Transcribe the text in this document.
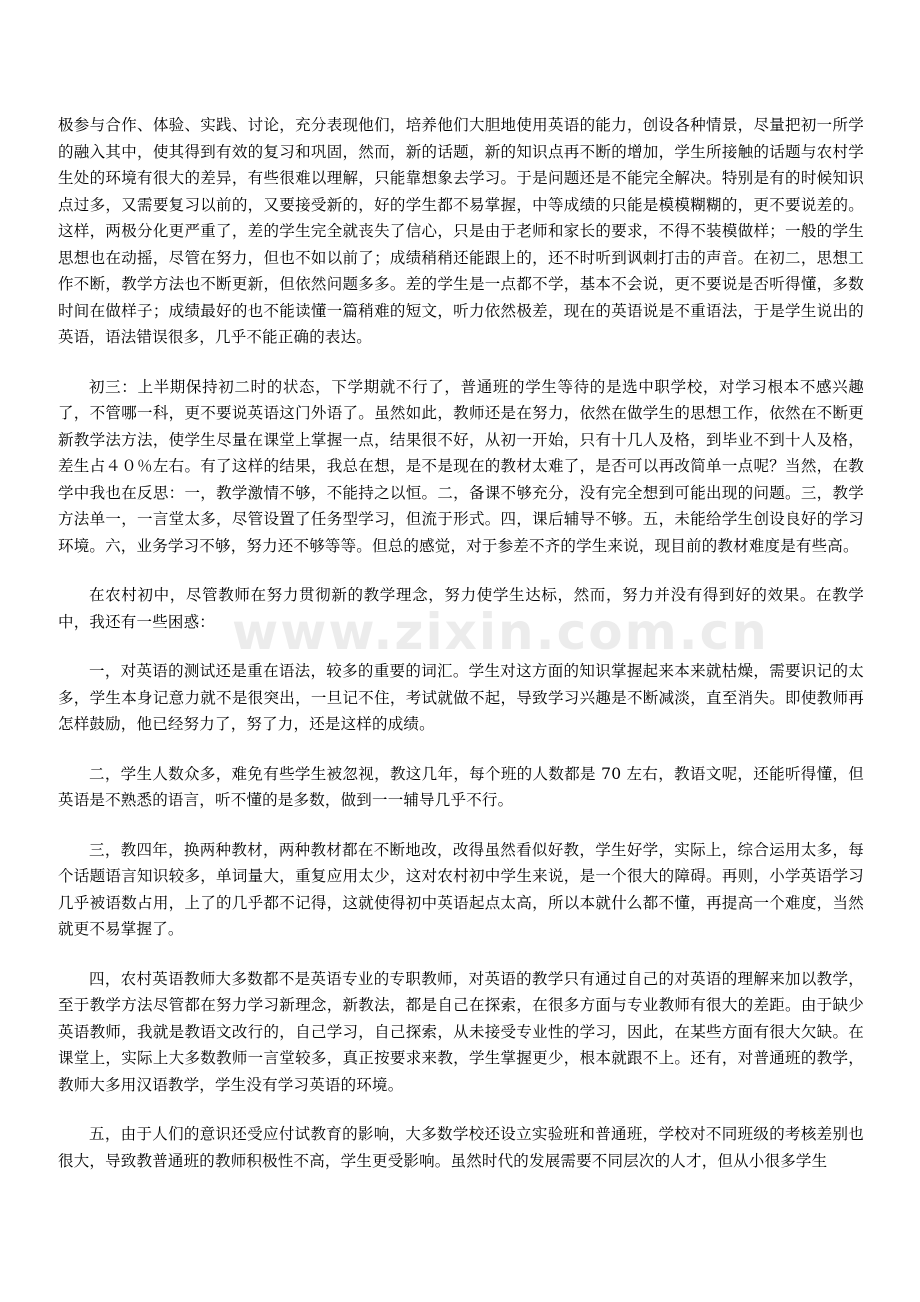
极参与合作、体验、实践、讨论，充分表现他们，培养他们大胆地使用英语的能力，创设各种情景，尽量把初一所学的融入其中，使其得到有效的复习和巩固，然而，新的话题，新的知识点再不断的增加，学生所接触的话题与农村学生处的环境有很大的差异，有些很难以理解，只能靠想象去学习。于是问题还是不能完全解决。特别是有的时候知识点过多，又需要复习以前的，又要接受新的，好的学生都不易掌握，中等成绩的只能是模模糊糊的，更不要说差的。这样，两极分化更严重了，差的学生完全就丧失了信心，只是由于老师和家长的要求，不得不装模做样；一般的学生思想也在动摇，尽管在努力，但也不如以前了；成绩稍稍还能跟上的，还不时听到讽刺打击的声音。在初二，思想工作不断，教学方法也不断更新，但依然问题多多。差的学生是一点都不学，基本不会说，更不要说是否听得懂，多数时间在做样子；成绩最好的也不能读懂一篇稍难的短文，听力依然极差，现在的英语说是不重语法，于是学生说出的英语，语法错误很多，几乎不能正确的表达。

初三：上半期保持初二时的状态，下学期就不行了，普通班的学生等待的是选中职学校，对学习根本不感兴趣了，不管哪一科，更不要说英语这门外语了。虽然如此，教师还是在努力，依然在做学生的思想工作，依然在不断更新教学法方法，使学生尽量在课堂上掌握一点，结果很不好，从初一开始，只有十几人及格，到毕业不到十人及格，差生占４０％左右。有了这样的结果，我总在想，是不是现在的教材太难了，是否可以再改简单一点呢？当然，在教学中我也在反思：一，教学激情不够，不能持之以恒。二，备课不够充分，没有完全想到可能出现的问题。三，教学方法单一，一言堂太多，尽管设置了任务型学习，但流于形式。四，课后辅导不够。五，未能给学生创设良好的学习环境。六，业务学习不够，努力还不够等等。但总的感觉，对于参差不齐的学生来说，现目前的教材难度是有些高。

在农村初中，尽管教师在努力贯彻新的教学理念，努力使学生达标，然而，努力并没有得到好的效果。在教学中，我还有一些困惑：

一，对英语的测试还是重在语法，较多的重要的词汇。学生对这方面的知识掌握起来本来就枯燥，需要识记的太多，学生本身记意力就不是很突出，一旦记不住，考试就做不起，导致学习兴趣是不断减淡，直至消失。即使教师再怎样鼓励，他已经努力了，努了力，还是这样的成绩。

二，学生人数众多，难免有些学生被忽视，教这几年，每个班的人数都是 70 左右，教语文呢，还能听得懂，但英语是不熟悉的语言，听不懂的是多数，做到一一辅导几乎不行。

三，教四年，换两种教材，两种教材都在不断地改，改得虽然看似好教，学生好学，实际上，综合运用太多，每个话题语言知识较多，单词量大，重复应用太少，这对农村初中学生来说，是一个很大的障碍。再则，小学英语学习几乎被语数占用，上了的几乎都不记得，这就使得初中英语起点太高，所以本就什么都不懂，再提高一个难度，当然就更不易掌握了。

四，农村英语教师大多数都不是英语专业的专职教师，对英语的教学只有通过自己的对英语的理解来加以教学，至于教学方法尽管都在努力学习新理念，新教法，都是自己在探索，在很多方面与专业教师有很大的差距。由于缺少英语教师，我就是教语文改行的，自己学习，自己探索，从未接受专业性的学习，因此，在某些方面有很大欠缺。在课堂上，实际上大多数教师一言堂较多，真正按要求来教，学生掌握更少，根本就跟不上。还有，对普通班的教学，教师大多用汉语教学，学生没有学习英语的环境。

五，由于人们的意识还受应付试教育的影响，大多数学校还设立实验班和普通班，学校对不同班级的考核差别也很大，导致教普通班的教师积极性不高，学生更受影响。虽然时代的发展需要不同层次的人才，但从小很多学生

www.zixin.com.cn
